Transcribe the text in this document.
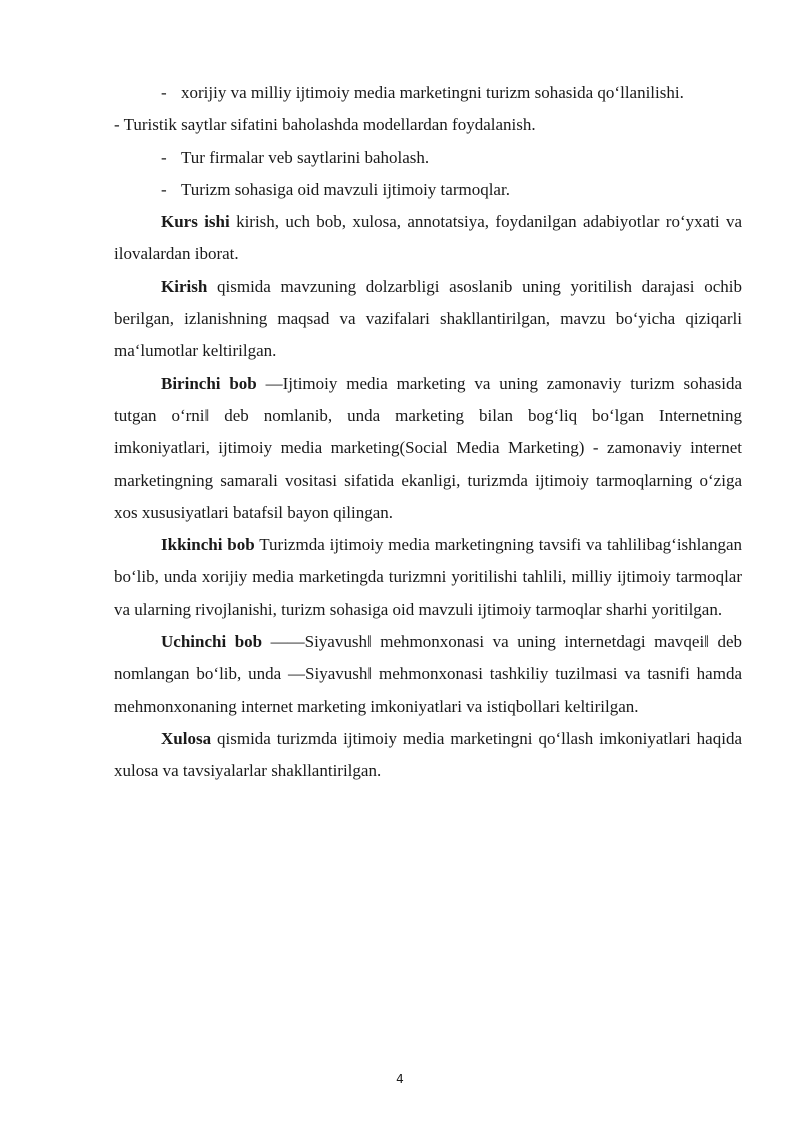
- xorijiy va milliy ijtimoiy media marketingni turizm sohasida qo‘llanilishi.
- Turistik saytlar sifatini baholashda modellardan foydalanish.
- Tur firmalar veb saytlarini baholash.
- Turizm sohasiga oid mavzuli ijtimoiy tarmoqlar.

Kurs ishi kirish, uch bob, xulosa, annotatsiya, foydanilgan adabiyotlar ro‘yxati va ilovalardan iborat.

Kirish qismida mavzuning dolzarbligi asoslanib uning yoritilish darajasi ochib berilgan, izlanishning maqsad va vazifalari shakllantirilgan, mavzu bo‘yicha qiziqarli ma‘lumotlar keltirilgan.

Birinchi bob ―Ijtimoiy media marketing va uning zamonaviy turizm sohasida tutgan o‘rni‖ deb nomlanib, unda marketing bilan bog‘liq bo‘lgan Internetning imkoniyatlari, ijtimoiy media marketing(Social Media Marketing) - zamonaviy internet marketingning samarali vositasi sifatida ekanligi, turizmda ijtimoiy tarmoqlarning o‘ziga xos xususiyatlari batafsil bayon qilingan.

Ikkinchi bob Turizmda ijtimoiy media marketingning tavsifi va tahlilibag‘ishlangan bo‘lib, unda xorijiy media marketingda turizmni yoritilishi tahlili, milliy ijtimoiy tarmoqlar va ularning rivojlanishi, turizm sohasiga oid mavzuli ijtimoiy tarmoqlar sharhi yoritilgan.

Uchinchi bob ――Siyavush‖ mehmonxonasi va uning internetdagi mavqei‖ deb nomlangan bo‘lib, unda ―Siyavush‖ mehmonxonasi tashkiliy tuzilmasi va tasnifi hamda mehmonxonaning internet marketing imkoniyatlari va istiqbollari keltirilgan.

Xulosa qismida turizmda ijtimoiy media marketingni qo‘llash imkoniyatlari haqida xulosa va tavsiyalarlar shakllantirilgan.

4
